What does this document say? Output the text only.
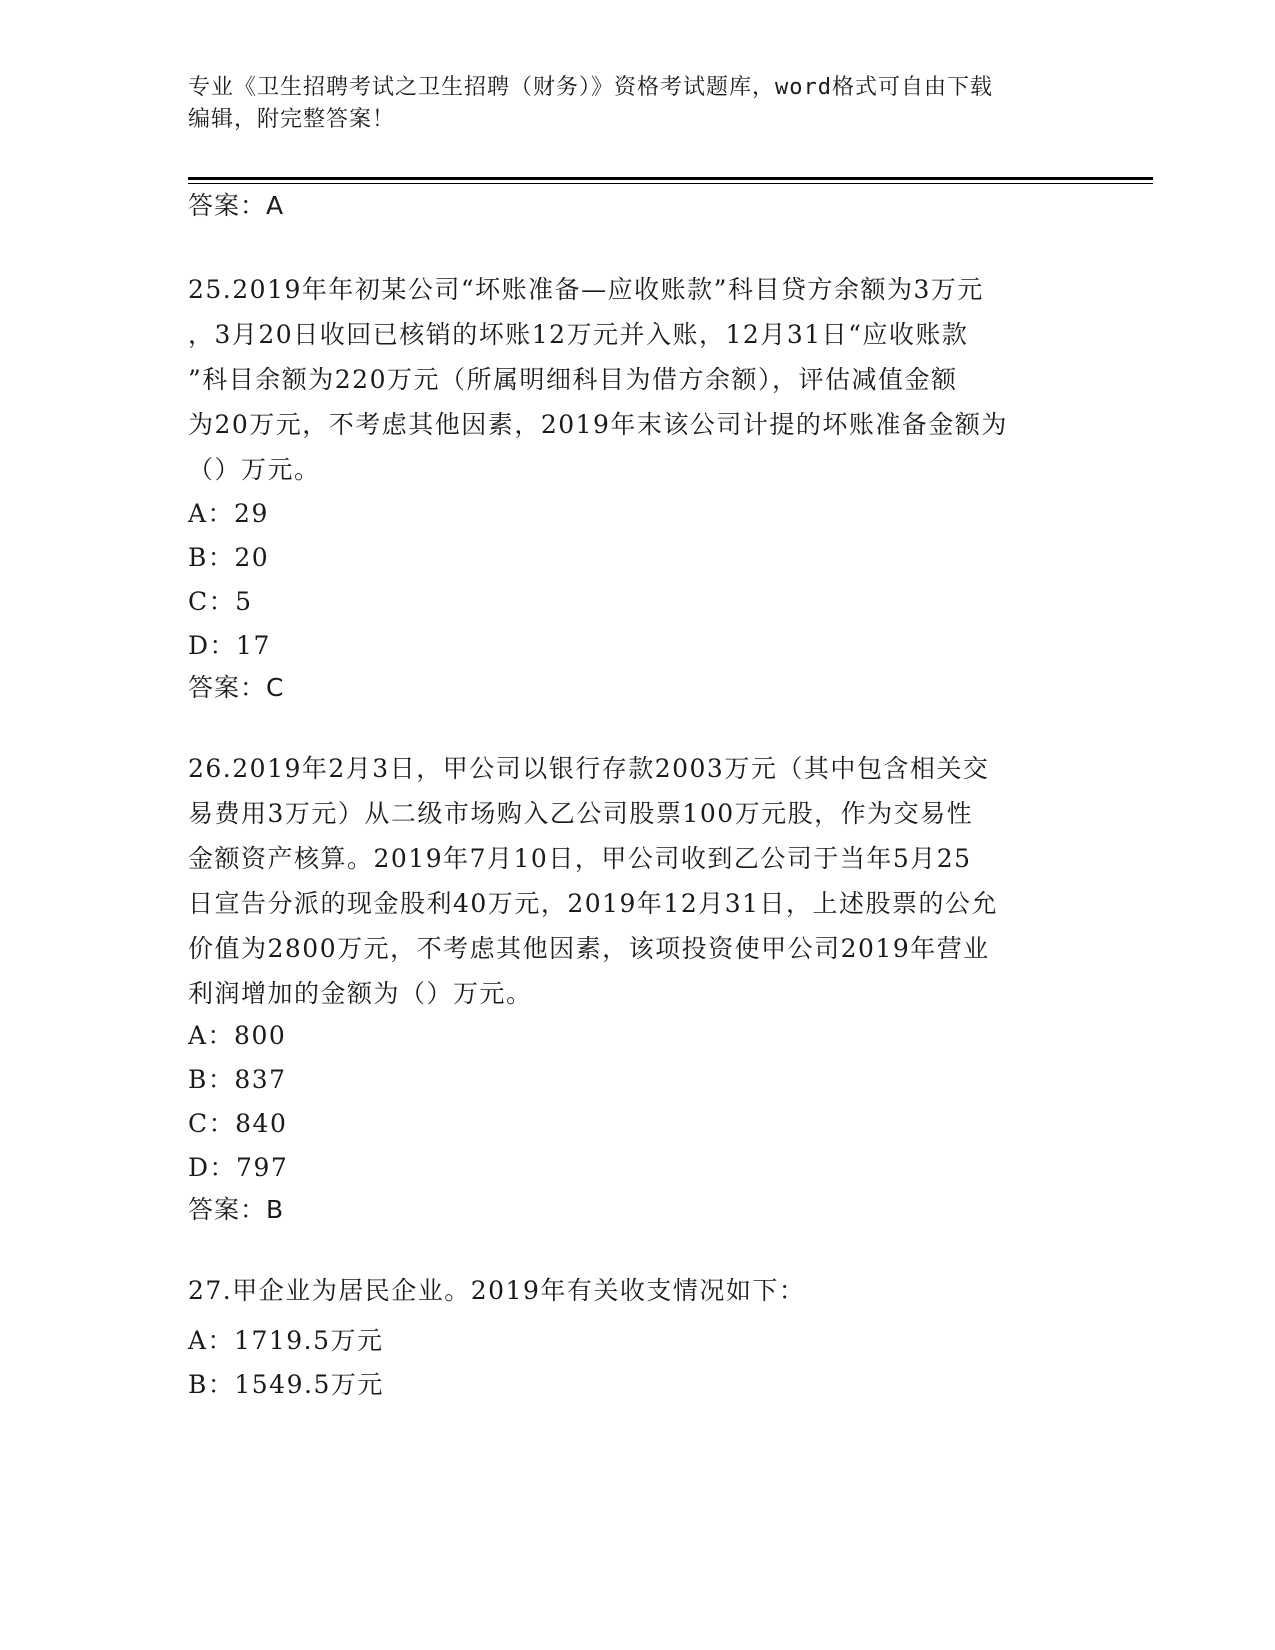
专业《卫生招聘考试之卫生招聘（财务）》资格考试题库，word格式可自由下载
编辑，附完整答案！
答案：A
25.2019年年初某公司“坏账准备—应收账款”科目贷方余额为3万元
，3月20日收回已核销的坏账12万元并入账，12月31日“应收账款
”科目余额为220万元（所属明细科目为借方余额），评估减值金额
为20万元，不考虑其他因素，2019年末该公司计提的坏账准备金额为
（）万元。
A：29
B：20
C：5
D：17
答案：C
26.2019年2月3日，甲公司以银行存款2003万元（其中包含相关交
易费用3万元）从二级市场购入乙公司股票100万元股，作为交易性
金额资产核算。2019年7月10日，甲公司收到乙公司于当年5月25
日宣告分派的现金股利40万元，2019年12月31日，上述股票的公允
价值为2800万元，不考虑其他因素，该项投资使甲公司2019年营业
利润增加的金额为（）万元。
A：800
B：837
C：840
D：797
答案：B
27.甲企业为居民企业。2019年有关收支情况如下：
A：1719.5万元
B：1549.5万元
